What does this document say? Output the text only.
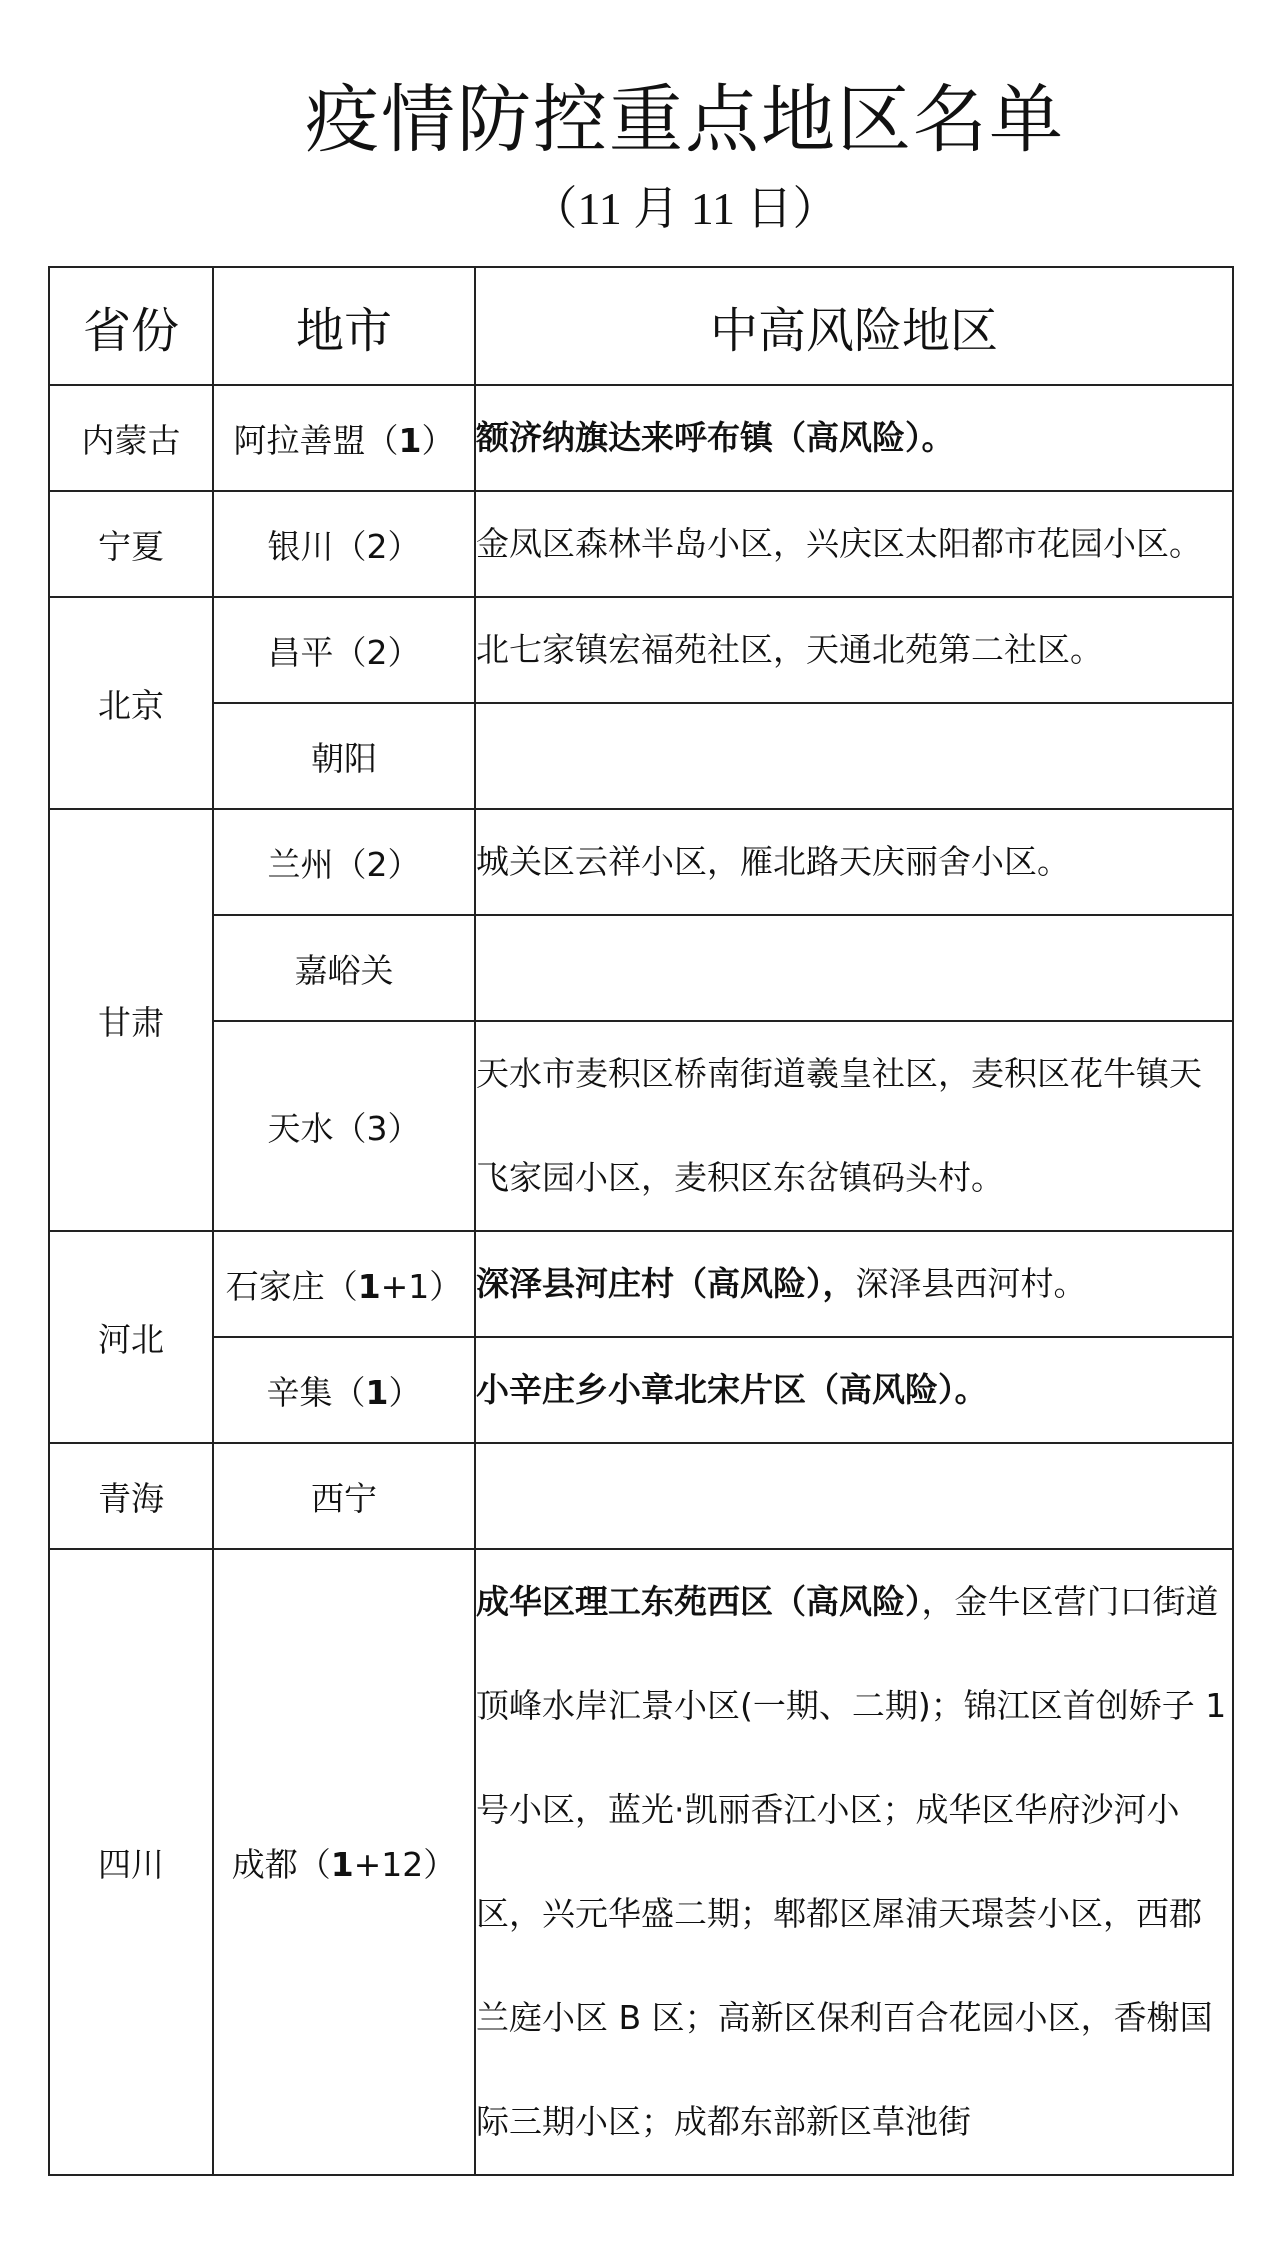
疫情防控重点地区名单
（11 月 11 日）
省份	地市	中高风险地区
内蒙古	阿拉善盟（1）	额济纳旗达来呼布镇（高风险）。
宁夏	银川（2）	金凤区森林半岛小区，兴庆区太阳都市花园小区。
北京	昌平（2）	北七家镇宏福苑社区，天通北苑第二社区。
	朝阳	
甘肃	兰州（2）	城关区云祥小区，雁北路天庆丽舍小区。
	嘉峪关	
	天水（3）	天水市麦积区桥南街道羲皇社区，麦积区花牛镇天飞家园小区，麦积区东岔镇码头村。
河北	石家庄（1+1）	深泽县河庄村（高风险），深泽县西河村。
	辛集（1）	小辛庄乡小章北宋片区（高风险）。
青海	西宁	
四川	成都（1+12）	成华区理工东苑西区（高风险），金牛区营门口街道顶峰水岸汇景小区(一期、二期)；锦江区首创娇子 1 号小区，蓝光·凯丽香江小区；成华区华府沙河小区，兴元华盛二期；郫都区犀浦天璟荟小区，西郡兰庭小区 B 区；高新区保利百合花园小区，香榭国际三期小区；成都东部新区草池街
